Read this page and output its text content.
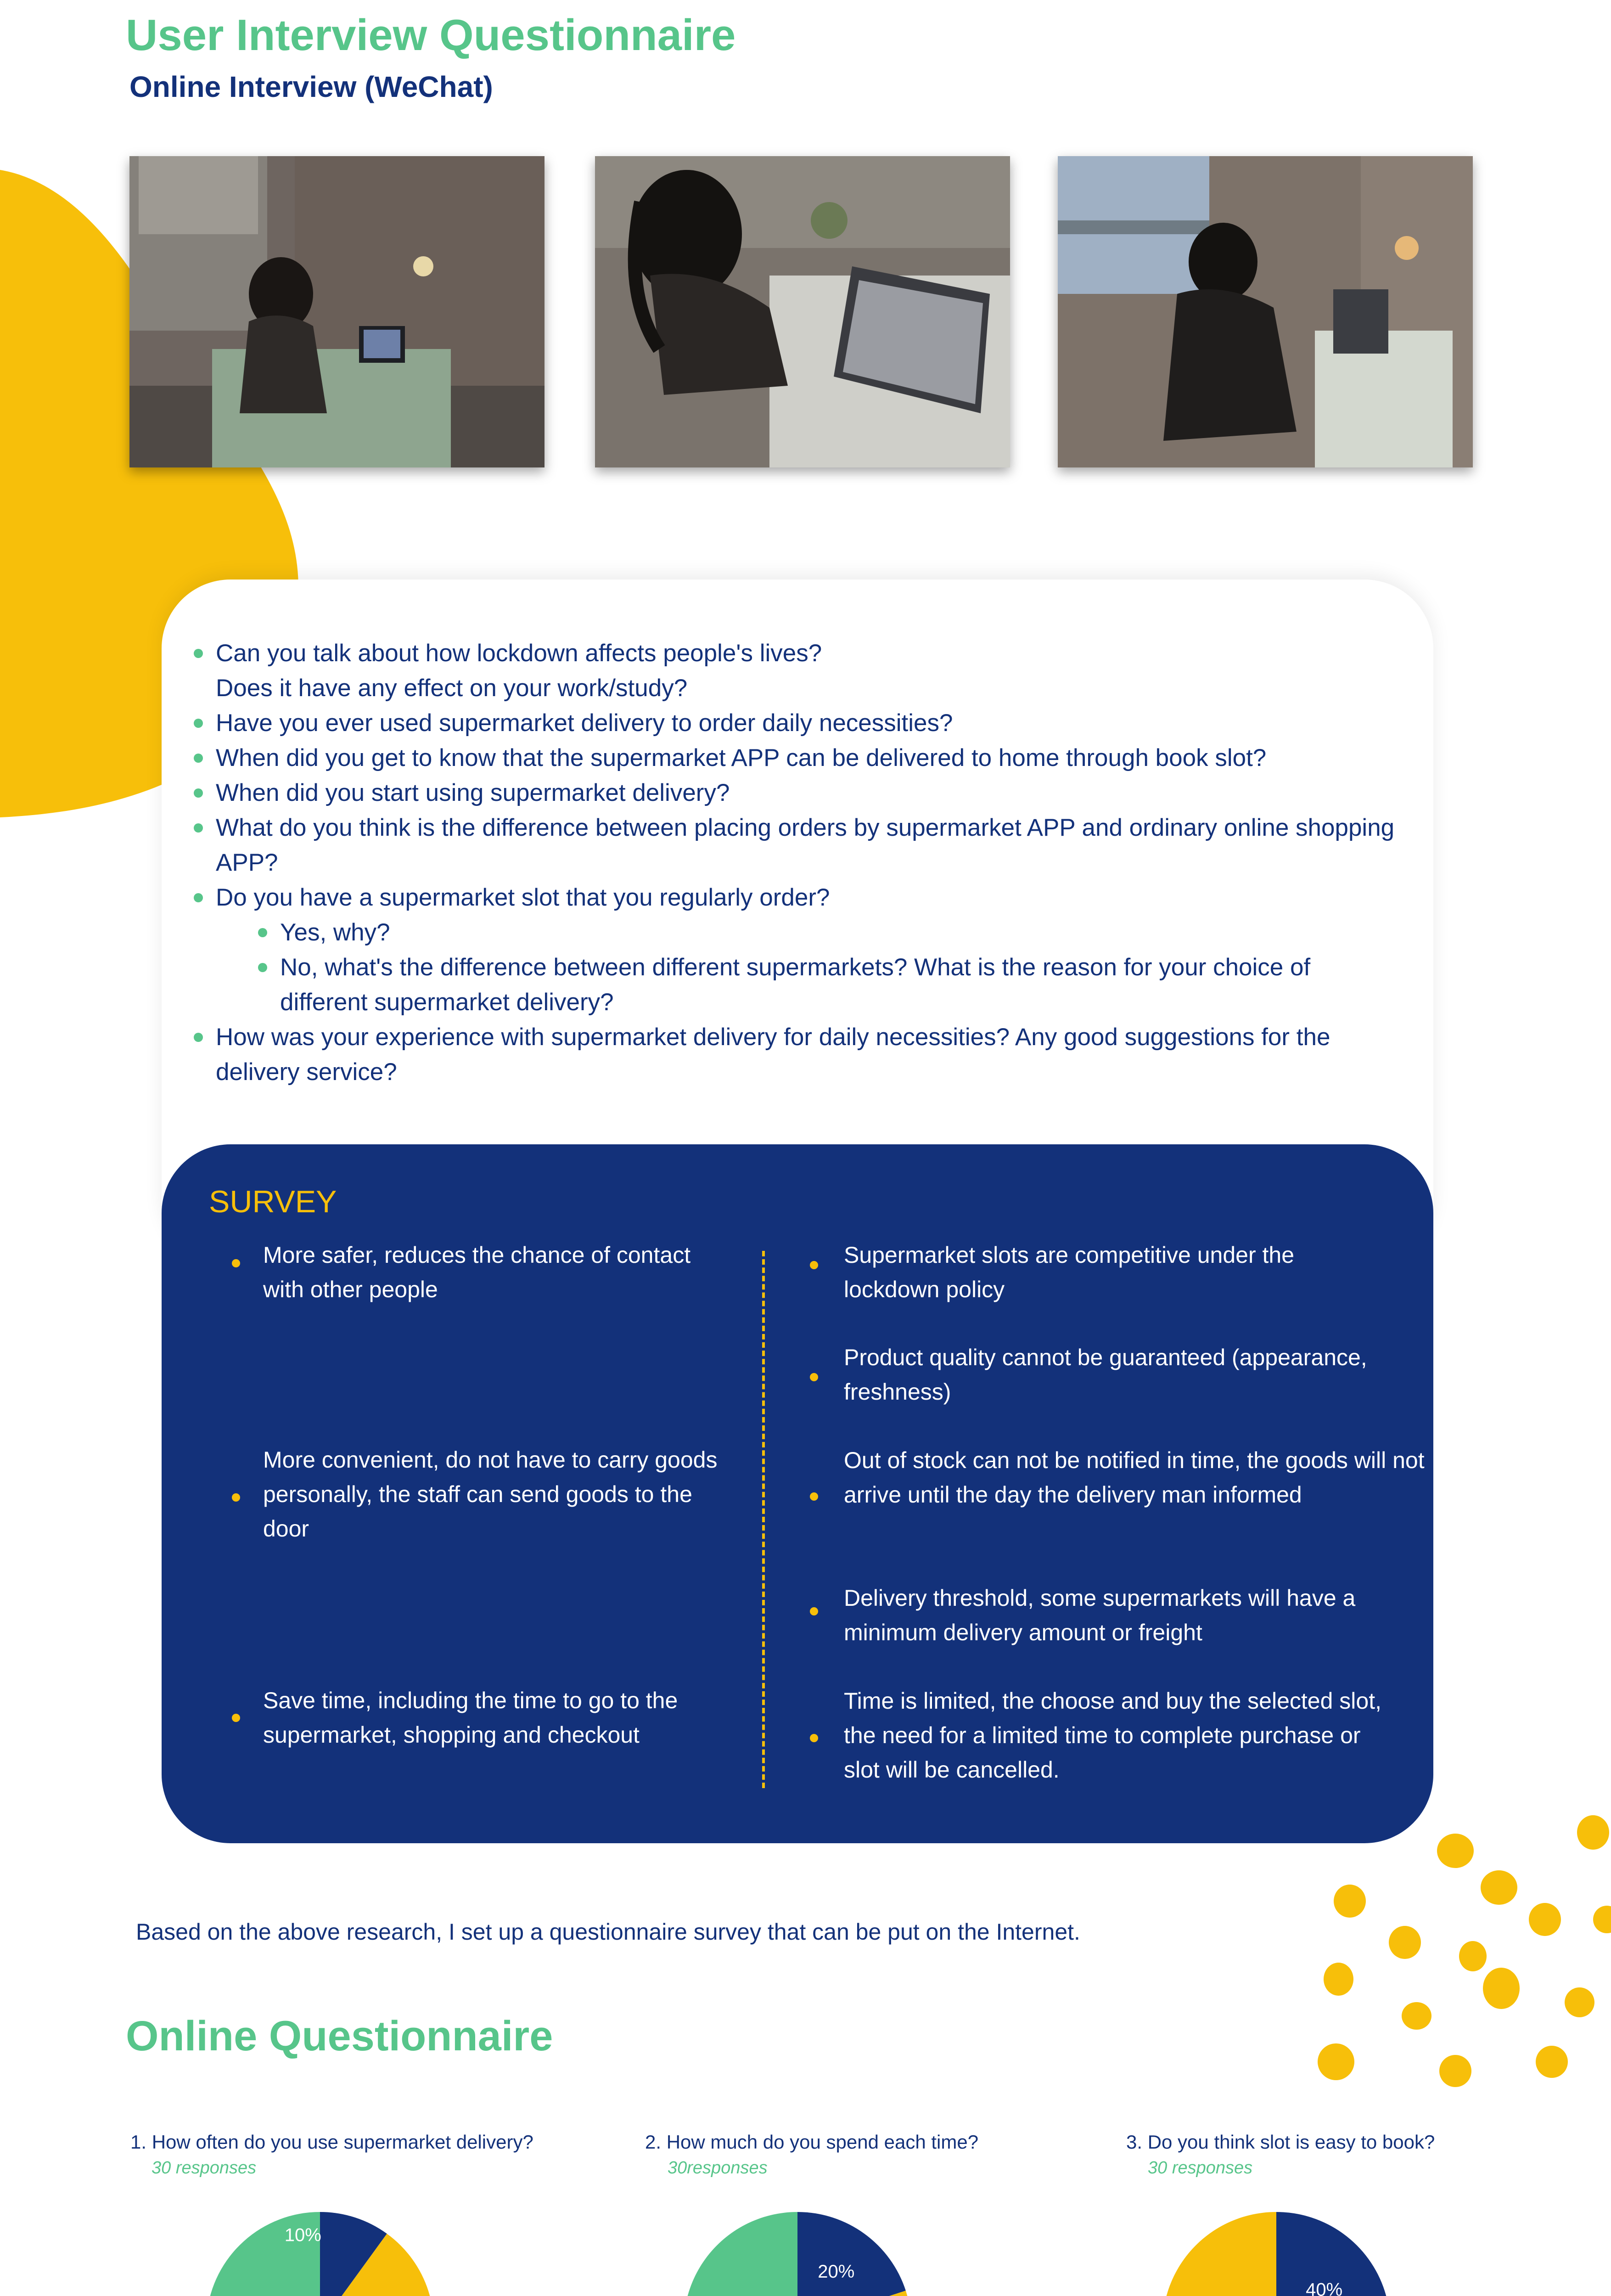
User Interview Questionnaire
Online Interview (WeChat)

Can you talk about how lockdown affects people's lives?

Does it have any effect on your work/study?

Have you ever used supermarket delivery to order daily necessities?

When did you get to know that the supermarket APP can be delivered to home through book slot?

When did you start using supermarket delivery?

What do you think is the difference between placing orders by supermarket APP and ordinary online shopping APP?

Do you have a supermarket slot that you regularly order?

Yes, why?

No, what's the difference between different supermarkets? What is the reason for your choice of different supermarket delivery?

How was your experience with supermarket delivery for daily necessities? Any good suggestions for the delivery service?

SURVEY
More safer, reduces the chance of contact with other people
More convenient, do not have to carry goods personally, the staff can send goods to the door
Save time, including the time to go to the supermarket, shopping and checkout
Supermarket slots are competitive under the lockdown policy
Product quality cannot be guaranteed (appearance, freshness)
Out of stock can not be notified in time, the goods will not arrive until the day the delivery man informed
Delivery threshold, some supermarkets will have a minimum delivery amount or freight
Time is limited, the choose and buy the selected slot, the need for a limited time to complete purchase or slot will be cancelled.
Based on the above research, I set up a questionnaire survey that can be put on the Internet.
Online Questionnaire
1. How often do you use supermarket delivery?
30 responses
10%
2. How much do you spend each time?
30responses
20%
3. Do you think slot is easy to book?
30 responses
40%
